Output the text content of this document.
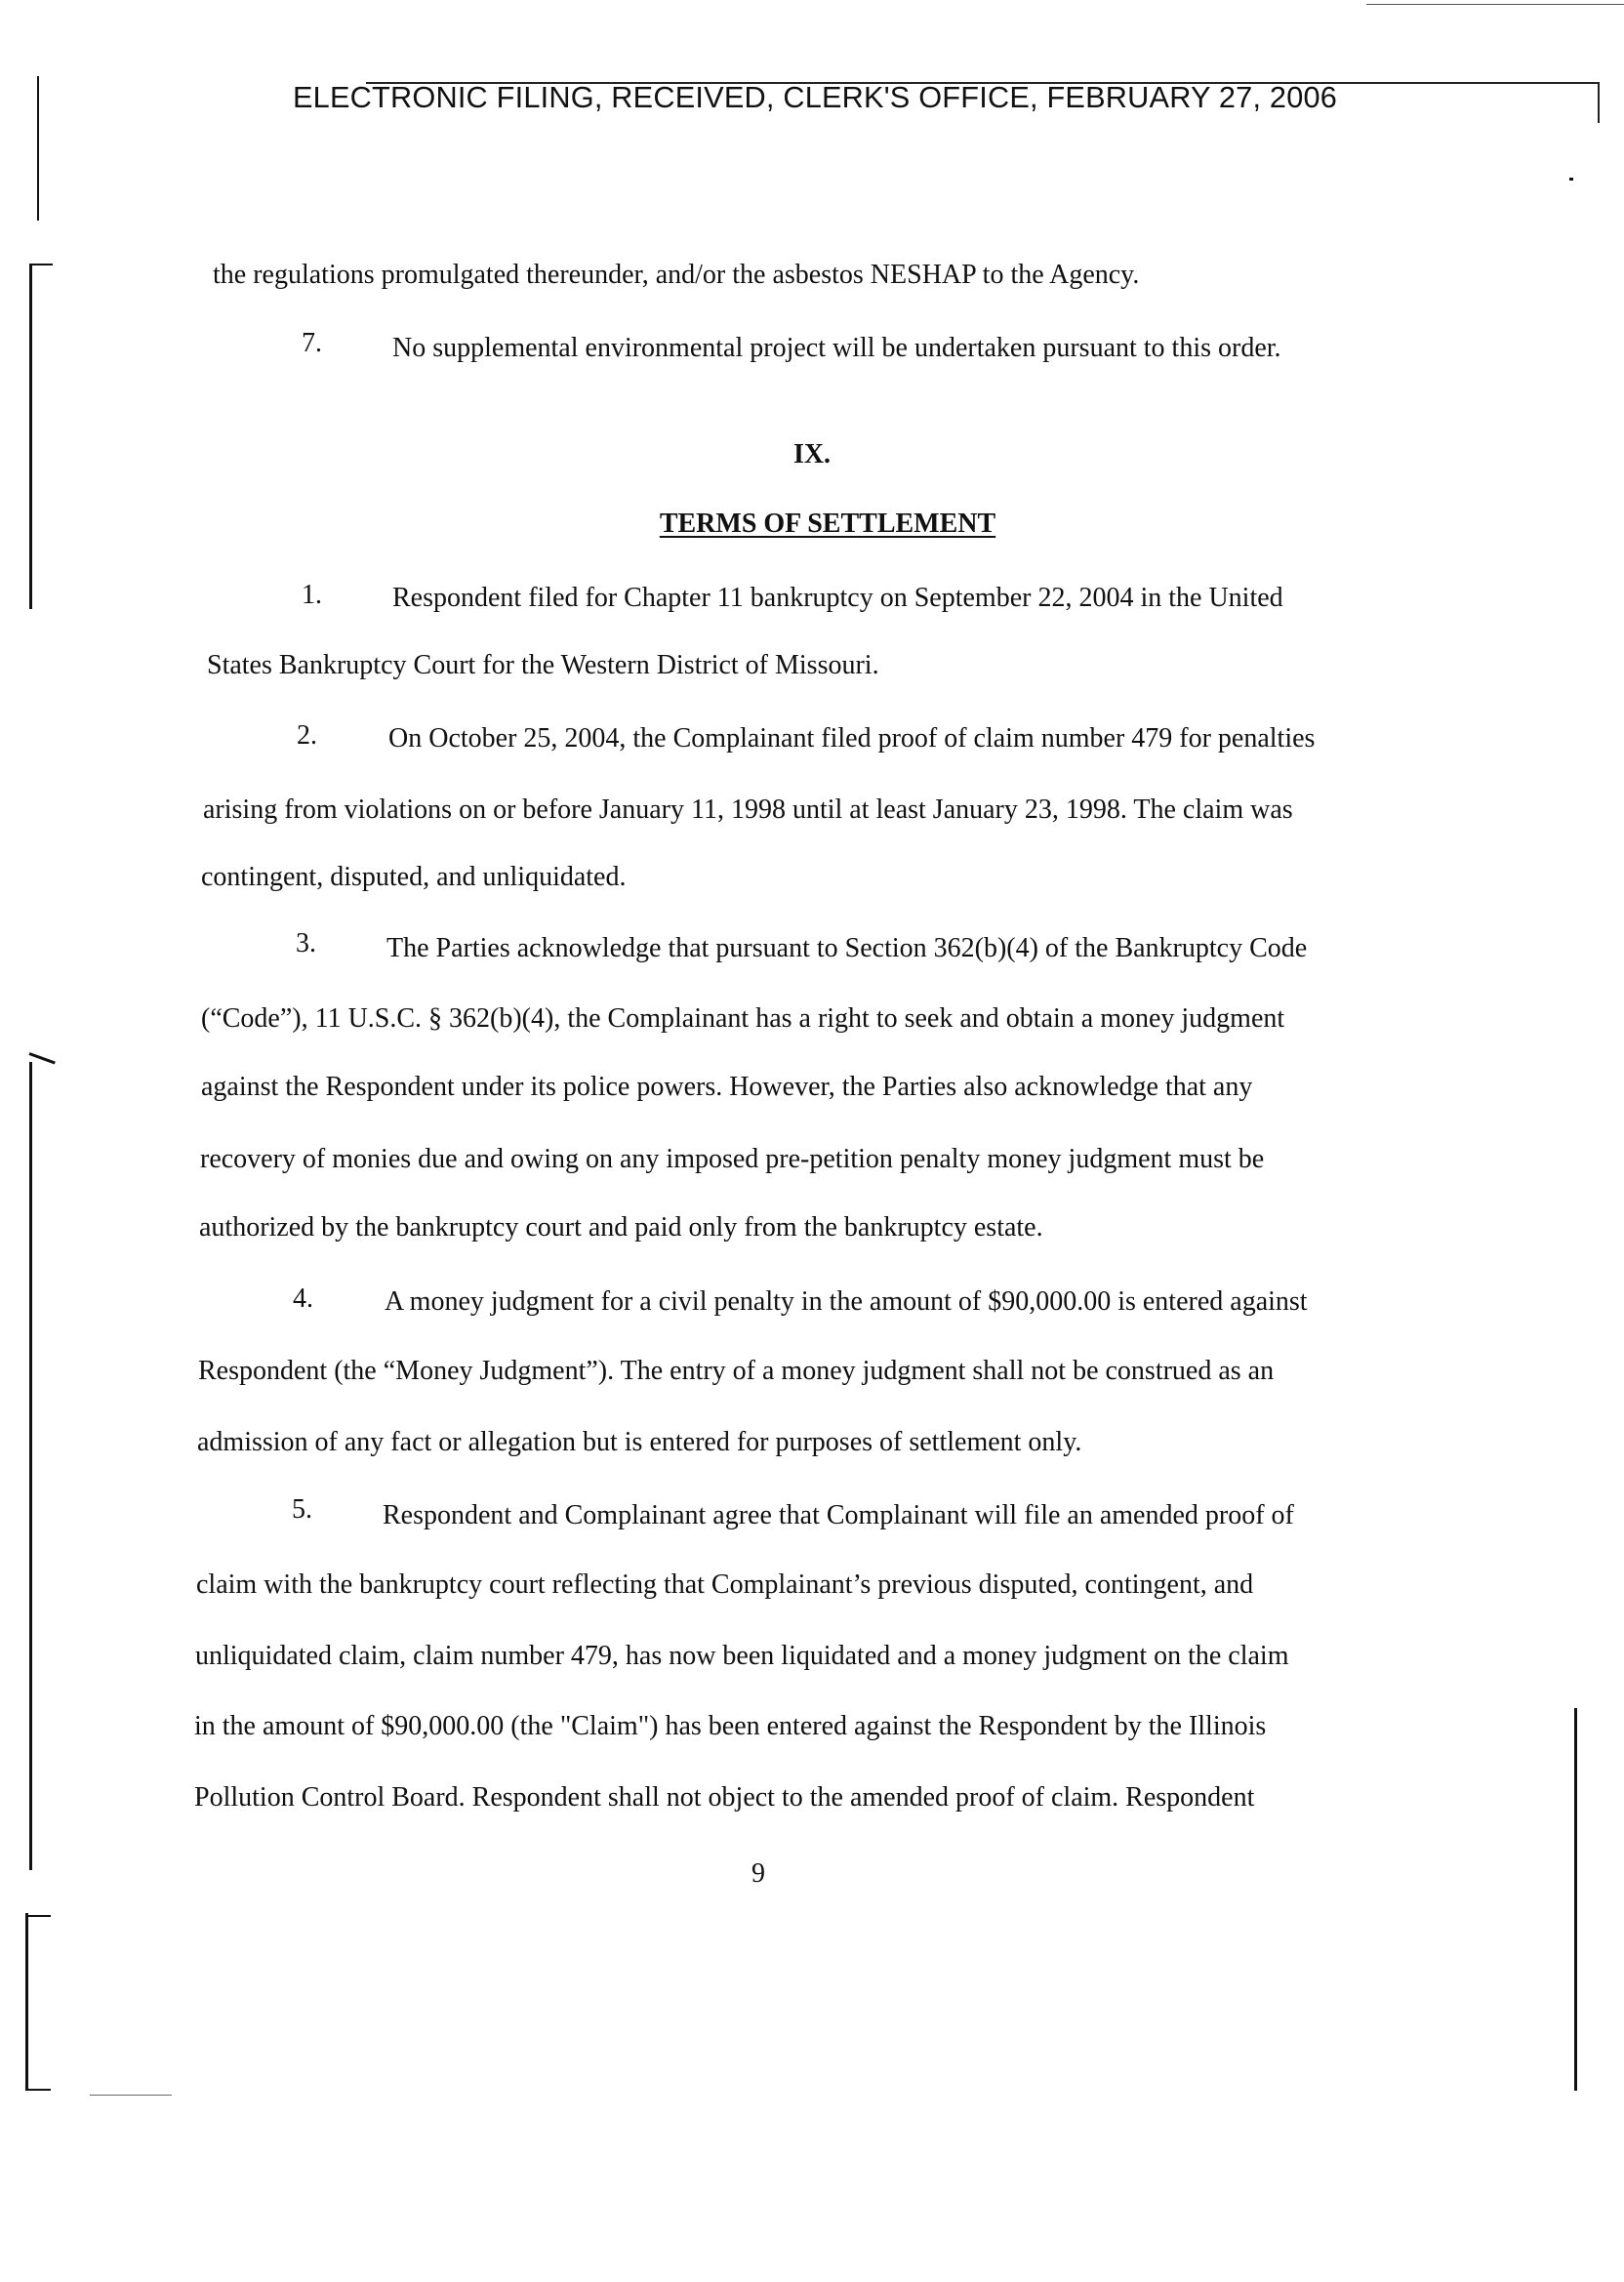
ELECTRONIC FILING, RECEIVED, CLERK'S OFFICE, FEBRUARY 27, 2006
the regulations promulgated thereunder, and/or the asbestos NESHAP to the Agency.
7.	No supplemental environmental project will be undertaken pursuant to this order.
IX.
TERMS OF SETTLEMENT
1.	Respondent filed for Chapter 11 bankruptcy on September 22, 2004 in the United
States Bankruptcy Court for the Western District of Missouri.
2.	On October 25, 2004, the Complainant filed proof of claim number 479 for penalties
arising from violations on or before January 11, 1998 until at least January 23, 1998. The claim was
contingent, disputed, and unliquidated.
3.	The Parties acknowledge that pursuant to Section 362(b)(4) of the Bankruptcy Code
(“Code”), 11 U.S.C. § 362(b)(4), the Complainant has a right to seek and obtain a money judgment
against the Respondent under its police powers. However, the Parties also acknowledge that any
recovery of monies due and owing on any imposed pre-petition penalty money judgment must be
authorized by the bankruptcy court and paid only from the bankruptcy estate.
4.	A money judgment for a civil penalty in the amount of $90,000.00 is entered against
Respondent (the “Money Judgment”). The entry of a money judgment shall not be construed as an
admission of any fact or allegation but is entered for purposes of settlement only.
5.	Respondent and Complainant agree that Complainant will file an amended proof of
claim with the bankruptcy court reflecting that Complainant’s previous disputed, contingent, and
unliquidated claim, claim number 479, has now been liquidated and a money judgment on the claim
in the amount of $90,000.00 (the "Claim") has been entered against the Respondent by the Illinois
Pollution Control Board. Respondent shall not object to the amended proof of claim. Respondent
9
